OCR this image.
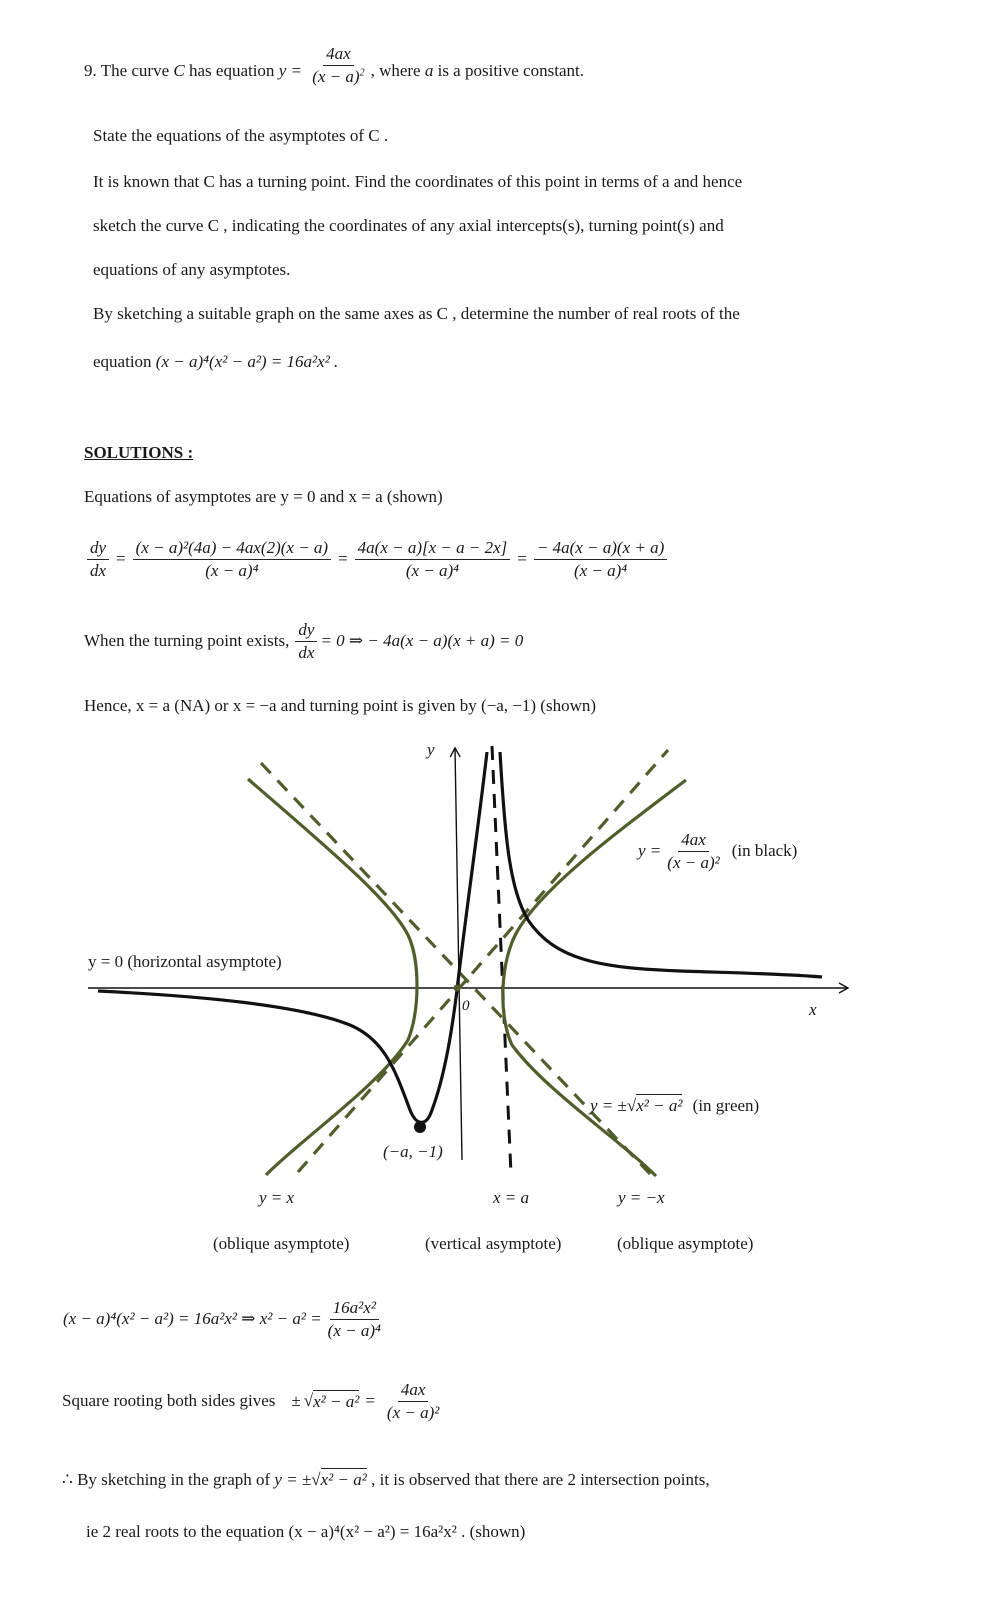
9. The curve C has equation $y = \frac{4ax}{(x - a)^2}$ , where a is a positive constant.
State the equations of the asymptotes of C .
It is known that C has a turning point. Find the coordinates of this point in terms of a and hence
sketch the curve C , indicating the coordinates of any axial intercepts(s), turning point(s) and
equations of any asymptotes.
By sketching a suitable graph on the same axes as C , determine the number of real roots of the
equation (x − a)⁴(x² − a²) = 16a²x² .
SOLUTIONS :
Equations of asymptotes are y = 0 and x = a (shown)
$\frac{dy}{dx} = \frac{\text{(x − a)²(4a) − 4ax(2)(x − a)}}{\text{(x − a)⁴}} = \frac{4a(x - a)[x - a - 2x]}{\text{(x − a)⁴}} = \frac{- 4a(x - a)(x + a)}{\text{(x − a)⁴}}$
When the turning point exists, $\frac{dy}{dx} = 0$ ⇒ − 4a(x − a)(x + a) = 0
Hence, x = a (NA) or x = −a and turning point is given by (−a, −1) (shown)
y
x
0
y = 0 (horizontal asymptote)
$y = \frac{4ax}{\text{(x − a)²}} (in$ black)
y = ±√x² − a² (in green)
(−a, −1)
y = x	x = a	y = −x
(oblique asymptote)	(vertical asymptote)	(oblique asymptote)
(x − a)⁴(x² − a²) = 16a²x² ⇒ $x^2 - a^2 = \frac{\text{16a²x²}}{\text{(x − a)⁴}}$
Square rooting both sides gives ± √ $x^2 - a^2 = \frac{4ax}{\text{(x − a)²}}$
∴ By sketching in the graph of y = ±√x² − a² , it is observed that there are 2 intersection points,
ie 2 real roots to the equation (x − a)⁴(x² − a²) = 16a²x² . (shown)
